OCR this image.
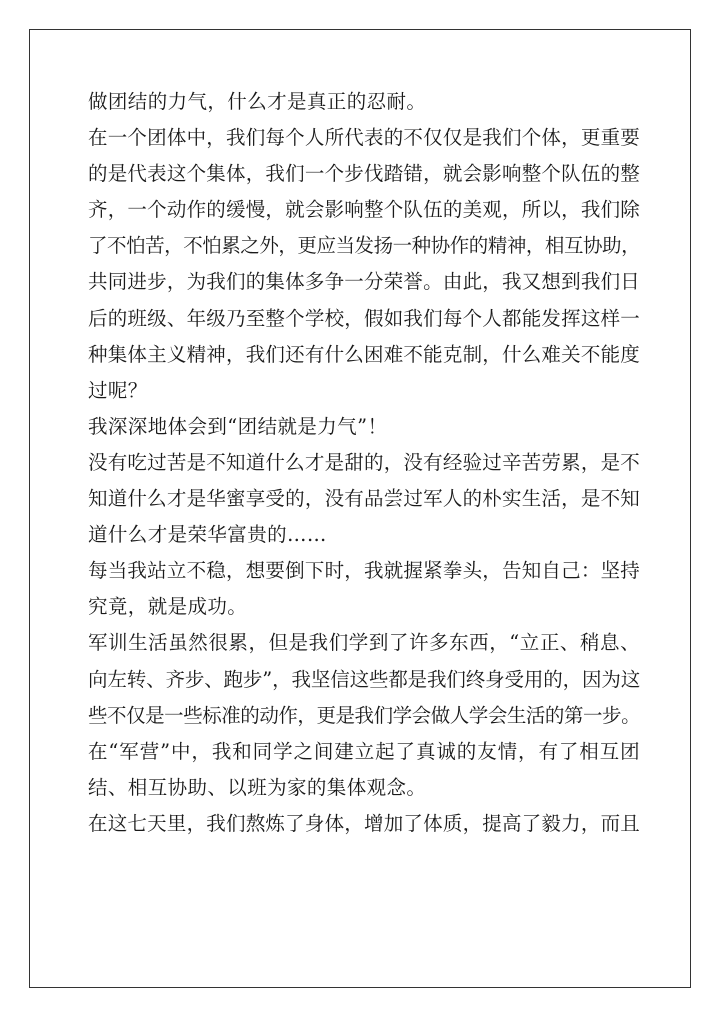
做团结的力气，什么才是真正的忍耐。
在一个团体中，我们每个人所代表的不仅仅是我们个体，更重要
的是代表这个集体，我们一个步伐踏错，就会影响整个队伍的整
齐，一个动作的缓慢，就会影响整个队伍的美观，所以，我们除
了不怕苦，不怕累之外，更应当发扬一种协作的精神，相互协助，
共同进步，为我们的集体多争一分荣誉。由此，我又想到我们日
后的班级、年级乃至整个学校，假如我们每个人都能发挥这样一
种集体主义精神，我们还有什么困难不能克制，什么难关不能度
过呢？
我深深地体会到“团结就是力气”！
没有吃过苦是不知道什么才是甜的，没有经验过辛苦劳累，是不
知道什么才是华蜜享受的，没有品尝过军人的朴实生活，是不知
道什么才是荣华富贵的……
每当我站立不稳，想要倒下时，我就握紧拳头，告知自己：坚持
究竟，就是成功。
军训生活虽然很累，但是我们学到了许多东西，“立正、稍息、
向左转、齐步、跑步”，我坚信这些都是我们终身受用的，因为这
些不仅是一些标准的动作，更是我们学会做人学会生活的第一步。
在“军营”中，我和同学之间建立起了真诚的友情，有了相互团
结、相互协助、以班为家的集体观念。
在这七天里，我们熬炼了身体，增加了体质，提高了毅力，而且
